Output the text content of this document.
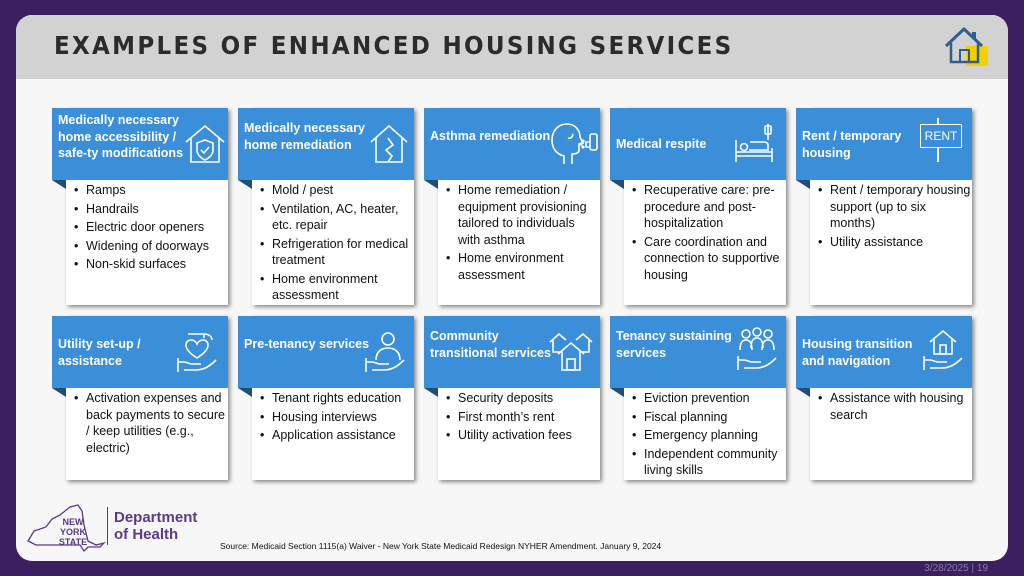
EXAMPLES OF ENHANCED HOUSING SERVICES
Medically necessary home accessibility / safe-ty modifications
• Ramps
• Handrails
• Electric door openers
• Widening of doorways
• Non-skid surfaces
Medically necessary home remediation
• Mold / pest
• Ventilation, AC, heater, etc. repair
• Refrigeration for medical treatment
• Home environment assessment
Asthma remediation
• Home remediation / equipment provisioning tailored to individuals with asthma
• Home environment assessment
Medical respite
• Recuperative care: pre-procedure and post-hospitalization
• Care coordination and connection to supportive housing
Rent / temporary housing
RENT
• Rent / temporary housing support (up to six months)
• Utility assistance
Utility set-up / assistance
• Activation expenses and back payments to secure / keep utilities (e.g., electric)
Pre-tenancy services
• Tenant rights education
• Housing interviews
• Application assistance
Community transitional services
• Security deposits
• First month’s rent
• Utility activation fees
Tenancy sustaining services
• Eviction prevention
• Fiscal planning
• Emergency planning
• Independent community living skills
Housing transition and navigation
• Assistance with housing search
NEW
YORK
STATE
Department
of Health
Source: Medicaid Section 1115(a) Waiver - New York State Medicaid Redesign NYHER Amendment. January 9, 2024
3/28/2025 | 19
